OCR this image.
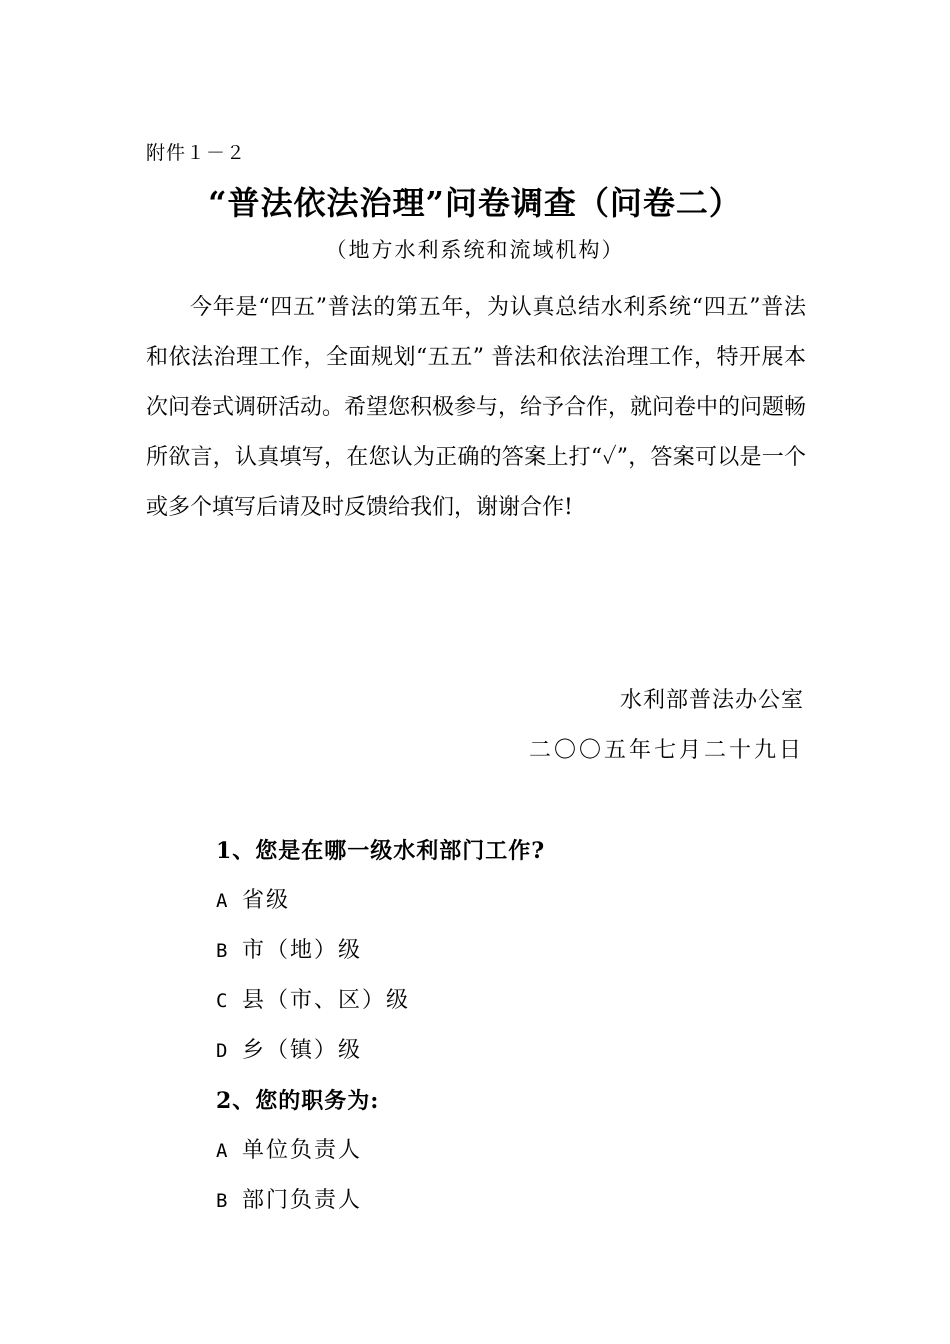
附件１－２
“普法依法治理”问卷调查（问卷二）
（地方水利系统和流域机构）

今年是“四五”普法的第五年，为认真总结水利系统“四五”普法和依法治理工作，全面规划“五五” 普法和依法治理工作，特开展本次问卷式调研活动。希望您积极参与，给予合作，就问卷中的问题畅所欲言，认真填写，在您认为正确的答案上打“✓”，答案可以是一个或多个填写后请及时反馈给我们，谢谢合作!

水利部普法办公室
二〇〇五年七月二十九日
1、您是在哪一级水利部门工作?
A 省级
B 市（地）级
C 县（市、区）级
D 乡（镇）级
2、您的职务为:
A 单位负责人
B 部门负责人
